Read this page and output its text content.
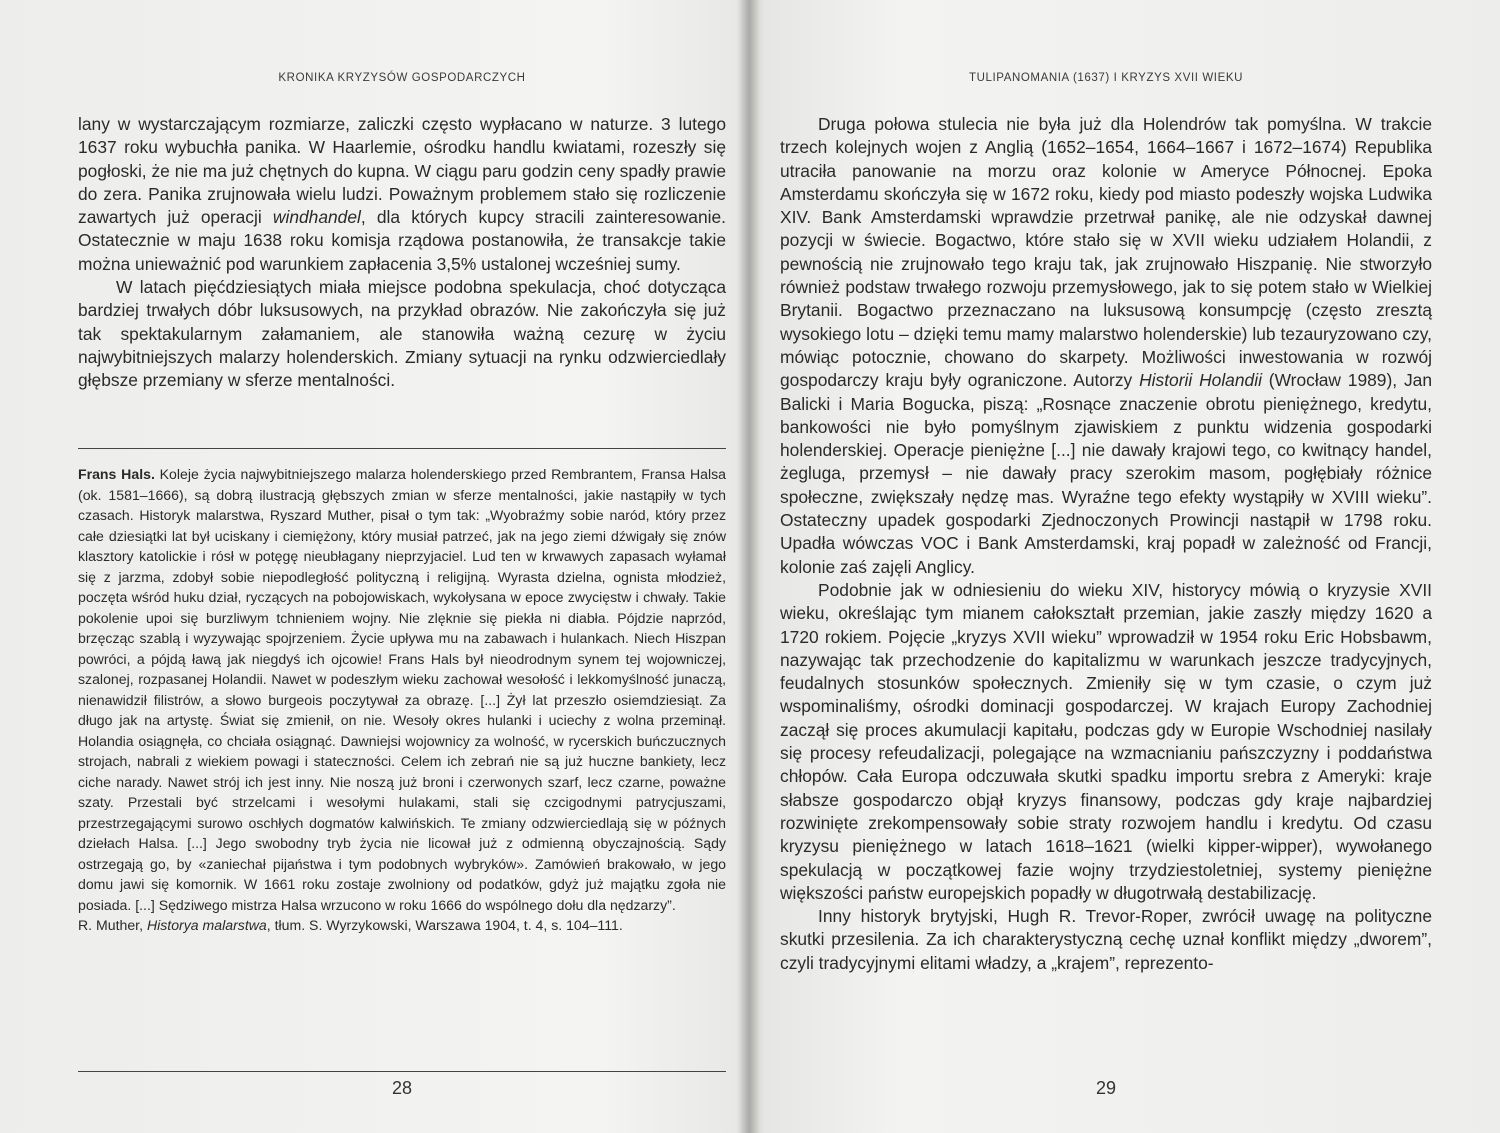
KRONIKA KRYZYSÓW GOSPODARCZYCH

lany w wystarczającym rozmiarze, zaliczki często wypłacano w naturze. 3 lutego 1637 roku wybuchła panika. W Haarlemie, ośrodku handlu kwiatami, rozeszły się pogłoski, że nie ma już chętnych do kupna. W ciągu paru godzin ceny spadły prawie do zera. Panika zrujnowała wielu ludzi. Poważnym problemem stało się rozliczenie zawartych już operacji windhandel, dla których kupcy stracili zainteresowanie. Ostatecznie w maju 1638 roku komisja rządowa postanowiła, że transakcje takie można unieważnić pod warunkiem zapłacenia 3,5% ustalonej wcześniej sumy.

W latach pięćdziesiątych miała miejsce podobna spekulacja, choć dotycząca bardziej trwałych dóbr luksusowych, na przykład obrazów. Nie zakończyła się już tak spektakularnym załamaniem, ale stanowiła ważną cezurę w życiu najwybitniejszych malarzy holenderskich. Zmiany sytuacji na rynku odzwierciedlały głębsze przemiany w sferze mentalności.

Frans Hals. Koleje życia najwybitniejszego malarza holenderskiego przed Rembrantem, Fransa Halsa (ok. 1581–1666), są dobrą ilustracją głębszych zmian w sferze mentalności, jakie nastąpiły w tych czasach. Historyk malarstwa, Ryszard Muther, pisał o tym tak: „Wyobraźmy sobie naród, który przez całe dziesiątki lat był uciskany i ciemiężony, który musiał patrzeć, jak na jego ziemi dźwigały się znów klasztory katolickie i rósł w potęgę nieubłagany nieprzyjaciel. Lud ten w krwawych zapasach wyłamał się z jarzma, zdobył sobie niepodległość polityczną i religijną. Wyrasta dzielna, ognista młodzież, poczęta wśród huku dział, ryczących na pobojowiskach, wykołysana w epoce zwycięstw i chwały. Takie pokolenie upoi się burzliwym tchnieniem wojny. Nie zlęknie się piekła ni diabła. Pójdzie naprzód, brzęcząc szablą i wyzywając spojrzeniem. Życie upływa mu na zabawach i hulankach. Niech Hiszpan powróci, a pójdą ławą jak niegdyś ich ojcowie! Frans Hals był nieodrodnym synem tej wojowniczej, szalonej, rozpasanej Holandii. Nawet w podeszłym wieku zachował wesołość i lekkomyślność junaczą, nienawidził filistrów, a słowo burgeois poczytywał za obrazę. [...] Żył lat przeszło osiemdziesiąt. Za długo jak na artystę. Świat się zmienił, on nie. Wesoły okres hulanki i uciechy z wolna przeminął. Holandia osiągnęła, co chciała osiągnąć. Dawniejsi wojownicy za wolność, w rycerskich buńczucznych strojach, nabrali z wiekiem powagi i stateczności. Celem ich zebrań nie są już huczne bankiety, lecz ciche narady. Nawet strój ich jest inny. Nie noszą już broni i czerwonych szarf, lecz czarne, poważne szaty. Przestali być strzelcami i wesołymi hulakami, stali się czcigodnymi patrycjuszami, przestrzegającymi surowo oschłych dogmatów kalwińskich. Te zmiany odzwierciedlają się w późnych dziełach Halsa. [...] Jego swobodny tryb życia nie licował już z odmienną obyczajnością. Sądy ostrzegają go, by «zaniechał pijaństwa i tym podobnych wybryków». Zamówień brakowało, w jego domu jawi się komornik. W 1661 roku zostaje zwolniony od podatków, gdyż już majątku zgoła nie posiada. [...] Sędziwego mistrza Halsa wrzucono w roku 1666 do wspólnego dołu dla nędzarzy”.

R. Muther, Historya malarstwa, tłum. S. Wyrzykowski, Warszawa 1904, t. 4, s. 104–111.

28
TULIPANOMANIA (1637) I KRYZYS XVII WIEKU

Druga połowa stulecia nie była już dla Holendrów tak pomyślna. W trakcie trzech kolejnych wojen z Anglią (1652–1654, 1664–1667 i 1672–1674) Republika utraciła panowanie na morzu oraz kolonie w Ameryce Północnej. Epoka Amsterdamu skończyła się w 1672 roku, kiedy pod miasto podeszły wojska Ludwika XIV. Bank Amsterdamski wprawdzie przetrwał panikę, ale nie odzyskał dawnej pozycji w świecie. Bogactwo, które stało się w XVII wieku udziałem Holandii, z pewnością nie zrujnowało tego kraju tak, jak zrujnowało Hiszpanię. Nie stworzyło również podstaw trwałego rozwoju przemysłowego, jak to się potem stało w Wielkiej Brytanii. Bogactwo przeznaczano na luksusową konsumpcję (często zresztą wysokiego lotu – dzięki temu mamy malarstwo holenderskie) lub tezauryzowano czy, mówiąc potocznie, chowano do skarpety. Możliwości inwestowania w rozwój gospodarczy kraju były ograniczone. Autorzy Historii Holandii (Wrocław 1989), Jan Balicki i Maria Bogucka, piszą: „Rosnące znaczenie obrotu pieniężnego, kredytu, bankowości nie było pomyślnym zjawiskiem z punktu widzenia gospodarki holenderskiej. Operacje pieniężne [...] nie dawały krajowi tego, co kwitnący handel, żegluga, przemysł – nie dawały pracy szerokim masom, pogłębiały różnice społeczne, zwiększały nędzę mas. Wyraźne tego efekty wystąpiły w XVIII wieku”. Ostateczny upadek gospodarki Zjednoczonych Prowincji nastąpił w 1798 roku. Upadła wówczas VOC i Bank Amsterdamski, kraj popadł w zależność od Francji, kolonie zaś zajęli Anglicy.

Podobnie jak w odniesieniu do wieku XIV, historycy mówią o kryzysie XVII wieku, określając tym mianem całokształt przemian, jakie zaszły między 1620 a 1720 rokiem. Pojęcie „kryzys XVII wieku” wprowadził w 1954 roku Eric Hobsbawm, nazywając tak przechodzenie do kapitalizmu w warunkach jeszcze tradycyjnych, feudalnych stosunków społecznych. Zmieniły się w tym czasie, o czym już wspominaliśmy, ośrodki dominacji gospodarczej. W krajach Europy Zachodniej zaczął się proces akumulacji kapitału, podczas gdy w Europie Wschodniej nasilały się procesy refeudalizacji, polegające na wzmacnianiu pańszczyzny i poddaństwa chłopów. Cała Europa odczuwała skutki spadku importu srebra z Ameryki: kraje słabsze gospodarczo objął kryzys finansowy, podczas gdy kraje najbardziej rozwinięte zrekompensowały sobie straty rozwojem handlu i kredytu. Od czasu kryzysu pieniężnego w latach 1618–1621 (wielki kipper-wipper), wywołanego spekulacją w początkowej fazie wojny trzydziestoletniej, systemy pieniężne większości państw europejskich popadły w długotrwałą destabilizację.

Inny historyk brytyjski, Hugh R. Trevor-Roper, zwrócił uwagę na polityczne skutki przesilenia. Za ich charakterystyczną cechę uznał konflikt między „dworem”, czyli tradycyjnymi elitami władzy, a „krajem”, reprezento-

29
